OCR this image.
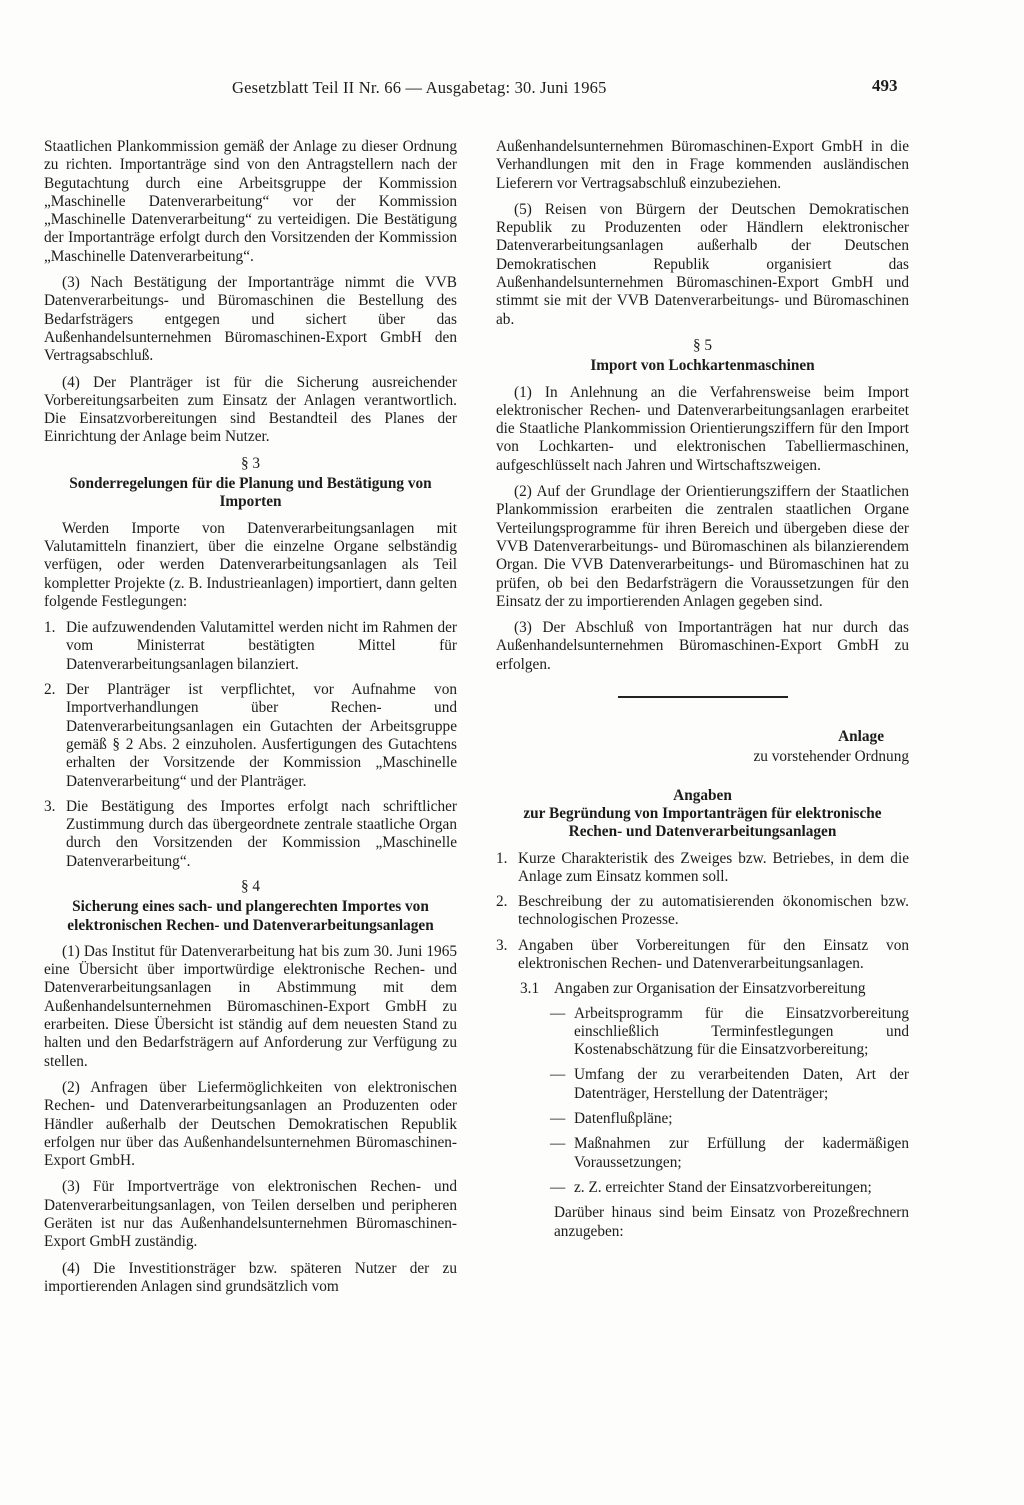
Gesetzblatt Teil II Nr. 66 — Ausgabetag: 30. Juni 1965	493

Staatlichen Plankommission gemäß der Anlage zu dieser Ordnung zu richten. Importanträge sind von den Antragstellern nach der Begutachtung durch eine Arbeitsgruppe der Kommission „Maschinelle Datenverarbeitung“ vor der Kommission „Maschinelle Datenverarbeitung“ zu verteidigen. Die Bestätigung der Importanträge erfolgt durch den Vorsitzenden der Kommission „Maschinelle Datenverarbeitung“.

(3) Nach Bestätigung der Importanträge nimmt die VVB Datenverarbeitungs- und Büromaschinen die Bestellung des Bedarfsträgers entgegen und sichert über das Außenhandelsunternehmen Büromaschinen-Export GmbH den Vertragsabschluß.

(4) Der Planträger ist für die Sicherung ausreichender Vorbereitungsarbeiten zum Einsatz der Anlagen verantwortlich. Die Einsatzvorbereitungen sind Bestandteil des Planes der Einrichtung der Anlage beim Nutzer.

§ 3
Sonderregelungen für die Planung und Bestätigung von Importen

Werden Importe von Datenverarbeitungsanlagen mit Valutamitteln finanziert, über die einzelne Organe selbständig verfügen, oder werden Datenverarbeitungsanlagen als Teil kompletter Projekte (z. B. Industrieanlagen) importiert, dann gelten folgende Festlegungen:

1. Die aufzuwendenden Valutamittel werden nicht im Rahmen der vom Ministerrat bestätigten Mittel für Datenverarbeitungsanlagen bilanziert.
2. Der Planträger ist verpflichtet, vor Aufnahme von Importverhandlungen über Rechen- und Datenverarbeitungsanlagen ein Gutachten der Arbeitsgruppe gemäß § 2 Abs. 2 einzuholen. Ausfertigungen des Gutachtens erhalten der Vorsitzende der Kommission „Maschinelle Datenverarbeitung“ und der Planträger.
3. Die Bestätigung des Importes erfolgt nach schriftlicher Zustimmung durch das übergeordnete zentrale staatliche Organ durch den Vorsitzenden der Kommission „Maschinelle Datenverarbeitung“.
§ 4
Sicherung eines sach- und plangerechten Importes von elektronischen Rechen- und Datenverarbeitungsanlagen

(1) Das Institut für Datenverarbeitung hat bis zum 30. Juni 1965 eine Übersicht über importwürdige elektronische Rechen- und Datenverarbeitungsanlagen in Abstimmung mit dem Außenhandelsunternehmen Büromaschinen-Export GmbH zu erarbeiten. Diese Übersicht ist ständig auf dem neuesten Stand zu halten und den Bedarfsträgern auf Anforderung zur Verfügung zu stellen.

(2) Anfragen über Liefermöglichkeiten von elektronischen Rechen- und Datenverarbeitungsanlagen an Produzenten oder Händler außerhalb der Deutschen Demokratischen Republik erfolgen nur über das Außenhandelsunternehmen Büromaschinen-Export GmbH.

(3) Für Importverträge von elektronischen Rechen- und Datenverarbeitungsanlagen, von Teilen derselben und peripheren Geräten ist nur das Außenhandelsunternehmen Büromaschinen-Export GmbH zuständig.

(4) Die Investitionsträger bzw. späteren Nutzer der zu importierenden Anlagen sind grundsätzlich vom

Außenhandelsunternehmen Büromaschinen-Export GmbH in die Verhandlungen mit den in Frage kommenden ausländischen Lieferern vor Vertragsabschluß einzubeziehen.

(5) Reisen von Bürgern der Deutschen Demokratischen Republik zu Produzenten oder Händlern elektronischer Datenverarbeitungsanlagen außerhalb der Deutschen Demokratischen Republik organisiert das Außenhandelsunternehmen Büromaschinen-Export GmbH und stimmt sie mit der VVB Datenverarbeitungs- und Büromaschinen ab.

§ 5
Import von Lochkartenmaschinen

(1) In Anlehnung an die Verfahrensweise beim Import elektronischer Rechen- und Datenverarbeitungsanlagen erarbeitet die Staatliche Plankommission Orientierungsziffern für den Import von Lochkarten- und elektronischen Tabelliermaschinen, aufgeschlüsselt nach Jahren und Wirtschaftszweigen.

(2) Auf der Grundlage der Orientierungsziffern der Staatlichen Plankommission erarbeiten die zentralen staatlichen Organe Verteilungsprogramme für ihren Bereich und übergeben diese der VVB Datenverarbeitungs- und Büromaschinen als bilanzierendem Organ. Die VVB Datenverarbeitungs- und Büromaschinen hat zu prüfen, ob bei den Bedarfsträgern die Voraussetzungen für den Einsatz der zu importierenden Anlagen gegeben sind.

(3) Der Abschluß von Importanträgen hat nur durch das Außenhandelsunternehmen Büromaschinen-Export GmbH zu erfolgen.

Anlage
zu vorstehender Ordnung
Angaben
zur Begründung von Importanträgen für elektronische Rechen- und Datenverarbeitungsanlagen
1. Kurze Charakteristik des Zweiges bzw. Betriebes, in dem die Anlage zum Einsatz kommen soll.
2. Beschreibung der zu automatisierenden ökonomischen bzw. technologischen Prozesse.
3. Angaben über Vorbereitungen für den Einsatz von elektronischen Rechen- und Datenverarbeitungsanlagen.
3.1 Angaben zur Organisation der Einsatzvorbereitung
— Arbeitsprogramm für die Einsatzvorbereitung einschließlich Terminfestlegungen und Kostenabschätzung für die Einsatzvorbereitung;
— Umfang der zu verarbeitenden Daten, Art der Datenträger, Herstellung der Datenträger;
— Datenflußpläne;
— Maßnahmen zur Erfüllung der kadermäßigen Voraussetzungen;
— z. Z. erreichter Stand der Einsatzvorbereitungen;

Darüber hinaus sind beim Einsatz von Prozeßrechnern anzugeben:
